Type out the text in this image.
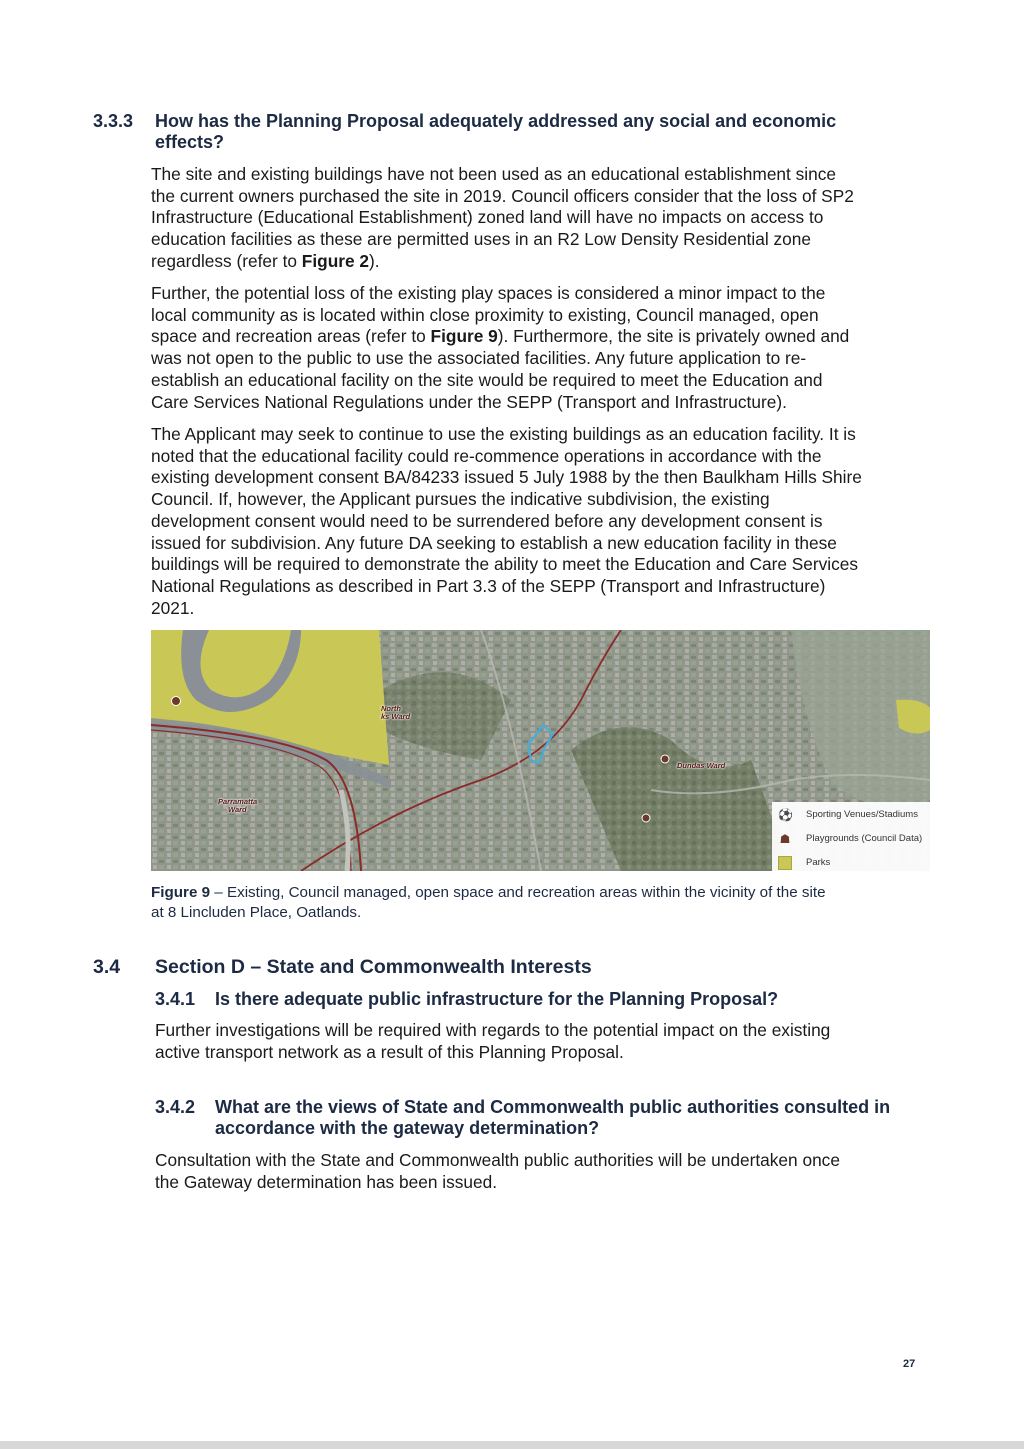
3.3.3 How has the Planning Proposal adequately addressed any social and economic
effects?
The site and existing buildings have not been used as an educational establishment since
the current owners purchased the site in 2019. Council officers consider that the loss of SP2
Infrastructure (Educational Establishment) zoned land will have no impacts on access to
education facilities as these are permitted uses in an R2 Low Density Residential zone
regardless (refer to Figure 2).
Further, the potential loss of the existing play spaces is considered a minor impact to the
local community as is located within close proximity to existing, Council managed, open
space and recreation areas (refer to Figure 9). Furthermore, the site is privately owned and
was not open to the public to use the associated facilities. Any future application to re-
establish an educational facility on the site would be required to meet the Education and
Care Services National Regulations under the SEPP (Transport and Infrastructure).
The Applicant may seek to continue to use the existing buildings as an education facility. It is
noted that the educational facility could re-commence operations in accordance with the
existing development consent BA/84233 issued 5 July 1988 by the then Baulkham Hills Shire
Council. If, however, the Applicant pursues the indicative subdivision, the existing
development consent would need to be surrendered before any development consent is
issued for subdivision. Any future DA seeking to establish a new education facility in these
buildings will be required to demonstrate the ability to meet the Education and Care Services
National Regulations as described in Part 3.3 of the SEPP (Transport and Infrastructure)
2021.
North
ks Ward
Dundas Ward
Parramatta
Ward	⚽ Sporting Venues/Stadiums
☗ Playgrounds (Council Data)
Parks
Figure 9 – Existing, Council managed, open space and recreation areas within the vicinity of the site
at 8 Lincluden Place, Oatlands.
3.4 Section D – State and Commonwealth Interests
3.4.1 Is there adequate public infrastructure for the Planning Proposal?
Further investigations will be required with regards to the potential impact on the existing
active transport network as a result of this Planning Proposal.
3.4.2 What are the views of State and Commonwealth public authorities consulted in
accordance with the gateway determination?
Consultation with the State and Commonwealth public authorities will be undertaken once
the Gateway determination has been issued.
27
